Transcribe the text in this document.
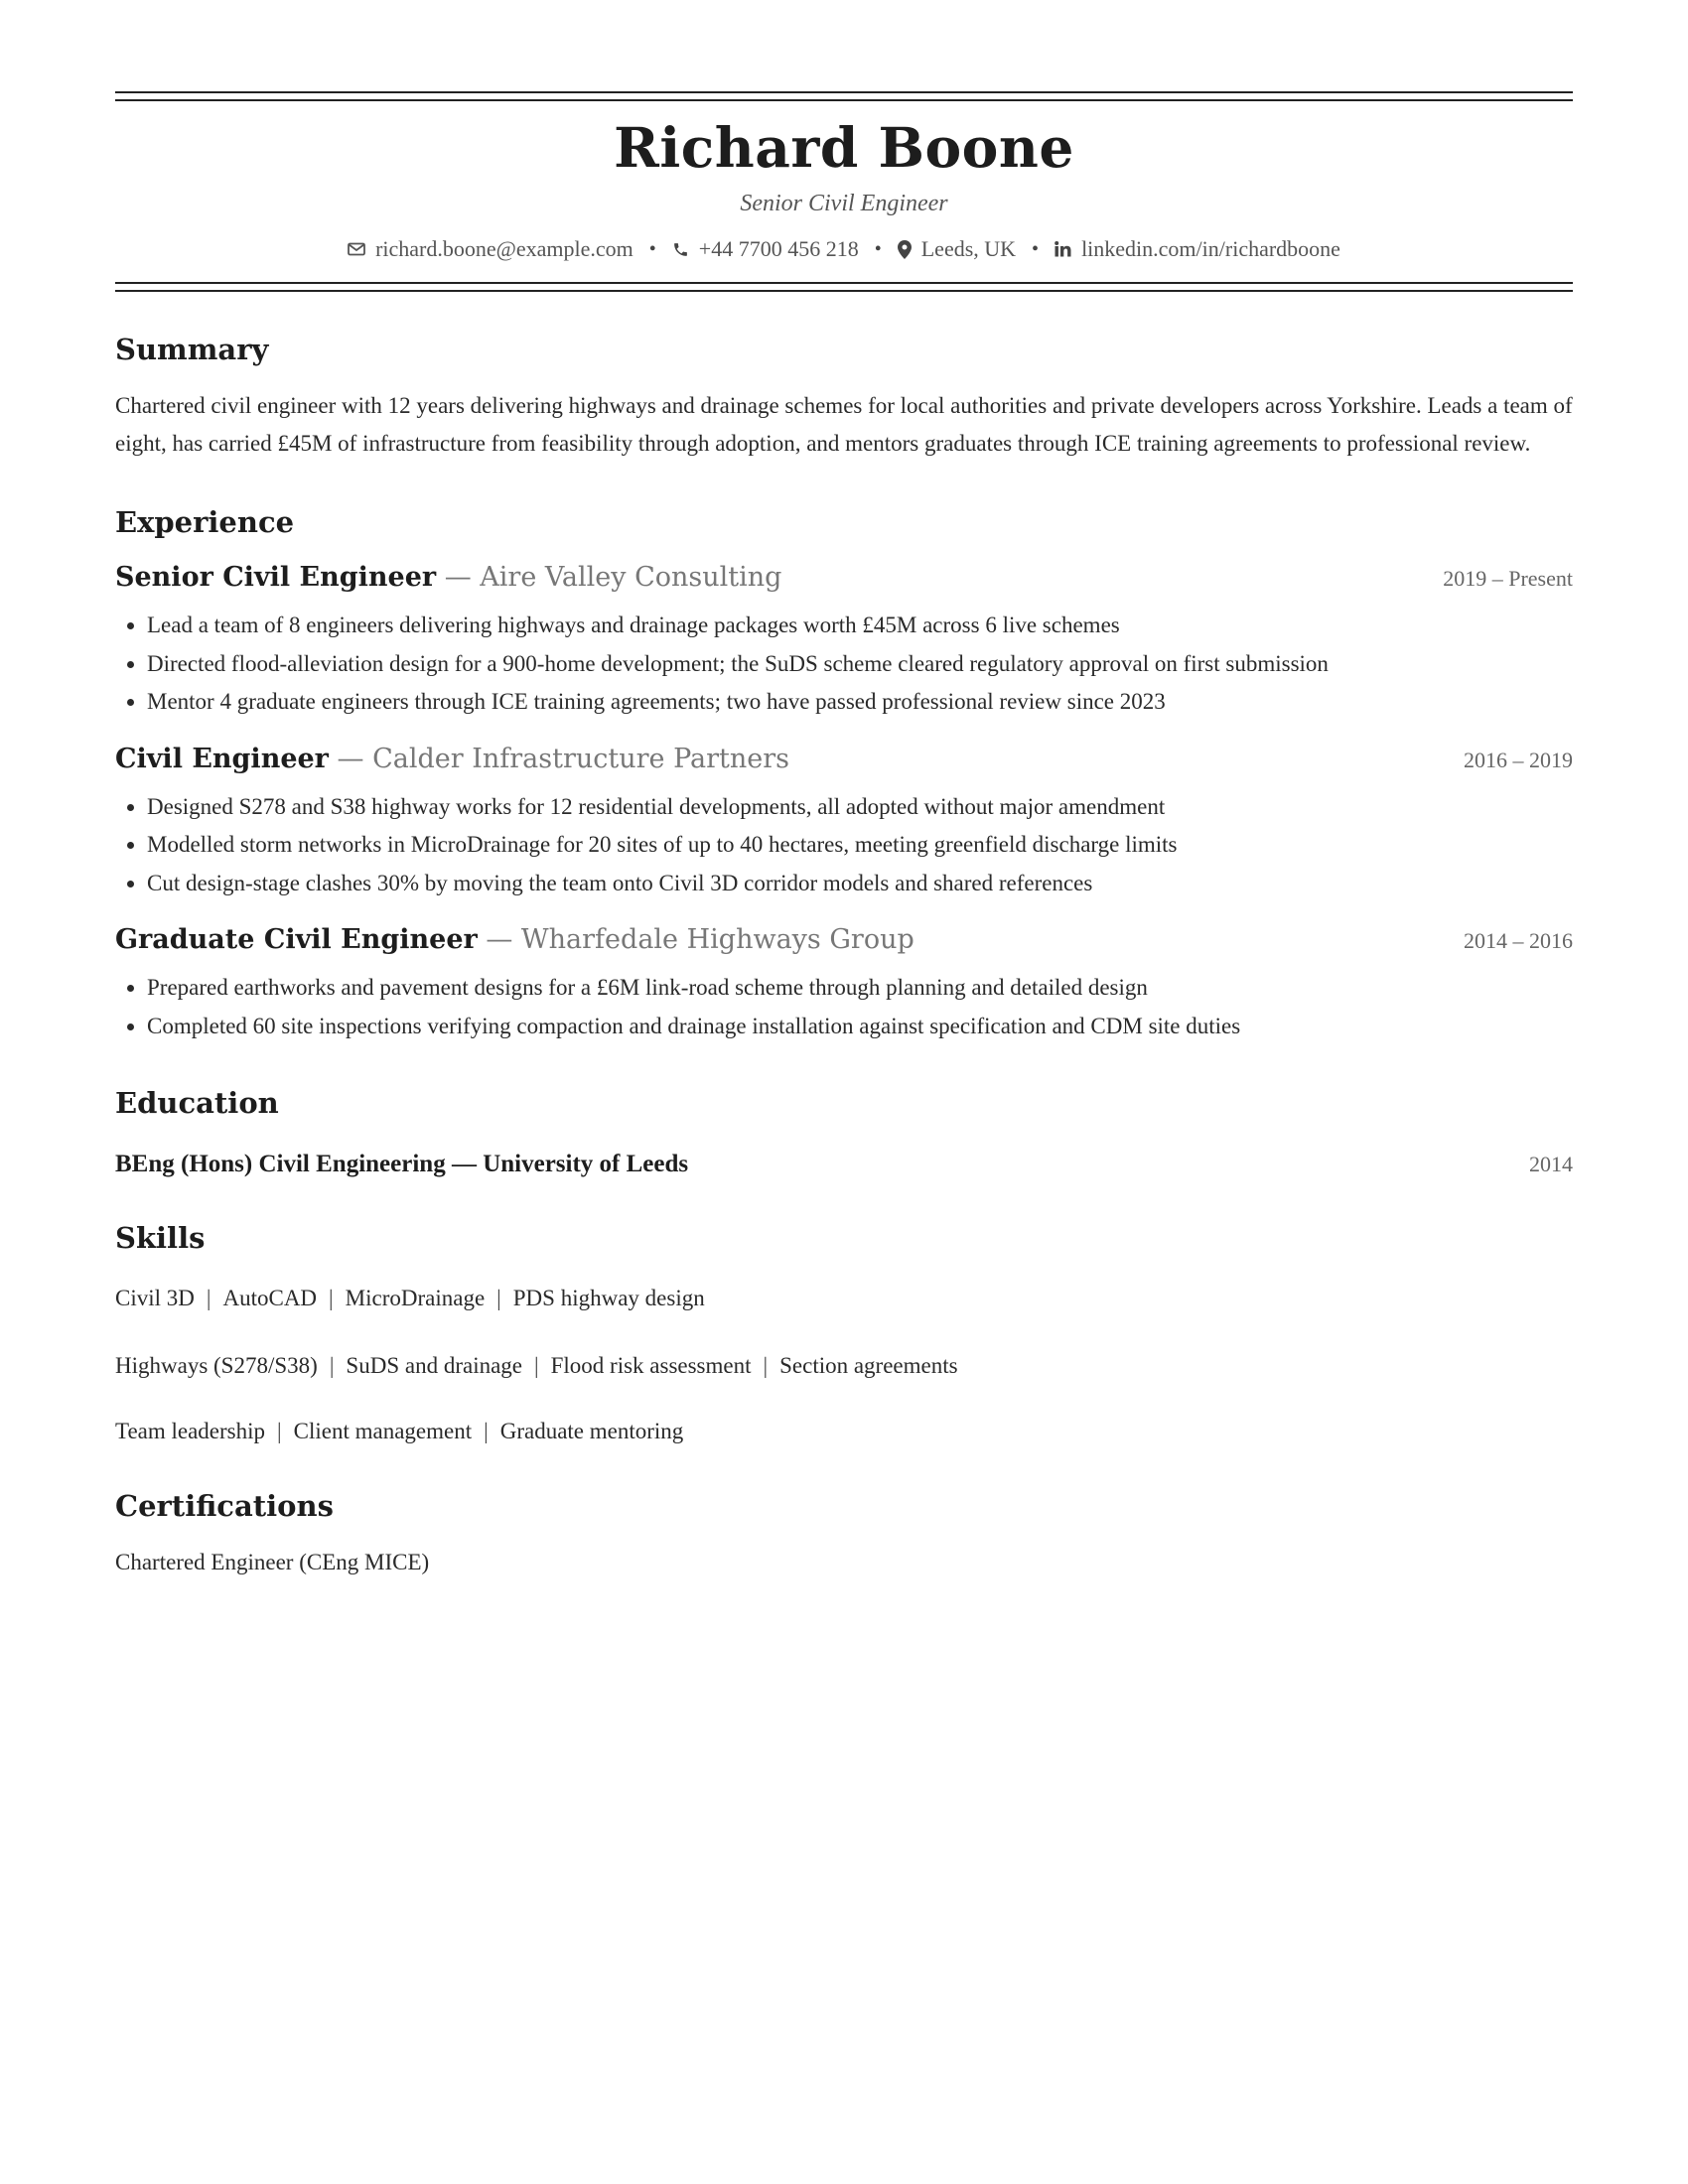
Richard Boone
Senior Civil Engineer
richard.boone@example.com • +44 7700 456 218 • Leeds, UK • linkedin.com/in/richardboone
Summary
Chartered civil engineer with 12 years delivering highways and drainage schemes for local authorities and private developers across Yorkshire. Leads a team of eight, has carried £45M of infrastructure from feasibility through adoption, and mentors graduates through ICE training agreements to professional review.
Experience
Senior Civil Engineer — Aire Valley Consulting	2019 – Present
• Lead a team of 8 engineers delivering highways and drainage packages worth £45M across 6 live schemes
• Directed flood-alleviation design for a 900-home development; the SuDS scheme cleared regulatory approval on first submission
• Mentor 4 graduate engineers through ICE training agreements; two have passed professional review since 2023
Civil Engineer — Calder Infrastructure Partners	2016 – 2019
• Designed S278 and S38 highway works for 12 residential developments, all adopted without major amendment
• Modelled storm networks in MicroDrainage for 20 sites of up to 40 hectares, meeting greenfield discharge limits
• Cut design-stage clashes 30% by moving the team onto Civil 3D corridor models and shared references
Graduate Civil Engineer — Wharfedale Highways Group	2014 – 2016
• Prepared earthworks and pavement designs for a £6M link-road scheme through planning and detailed design
• Completed 60 site inspections verifying compaction and drainage installation against specification and CDM site duties
Education
BEng (Hons) Civil Engineering — University of Leeds	2014
Skills
Civil 3D | AutoCAD | MicroDrainage | PDS highway design
Highways (S278/S38) | SuDS and drainage | Flood risk assessment | Section agreements
Team leadership | Client management | Graduate mentoring
Certifications
Chartered Engineer (CEng MICE)
